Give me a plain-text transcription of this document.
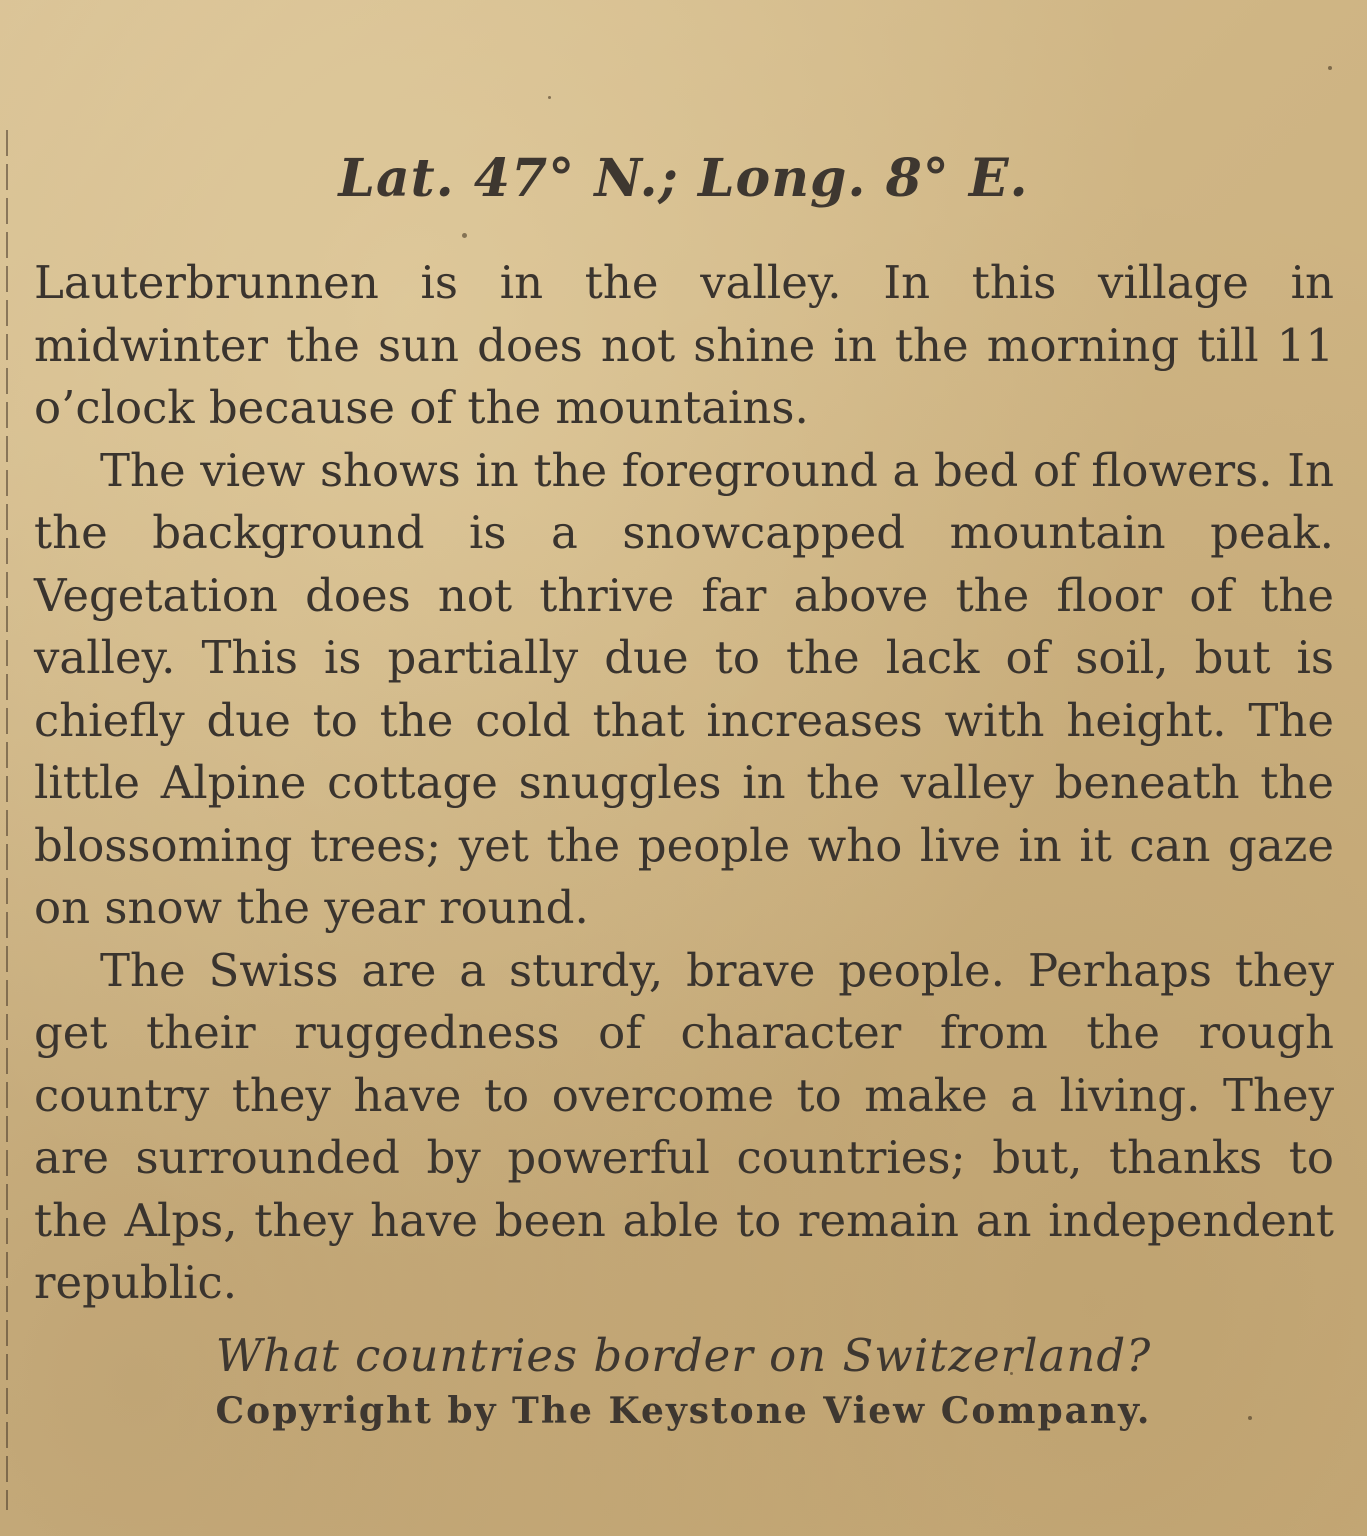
Lat. 47° N.; Long. 8° E.

Lauterbrunnen is in the valley. In this village in midwinter the sun does not shine in the morning till 11 o’clock because of the mountains.

The view shows in the foreground a bed of flowers. In the background is a snowcapped mountain peak. Vegetation does not thrive far above the floor of the valley. This is partially due to the lack of soil, but is chiefly due to the cold that increases with height. The little Alpine cottage snuggles in the valley beneath the blossoming trees; yet the people who live in it can gaze on snow the year round.

The Swiss are a sturdy, brave people. Perhaps they get their ruggedness of character from the rough country they have to overcome to make a living. They are surrounded by powerful countries; but, thanks to the Alps, they have been able to remain an independent republic.

What countries border on Switzerland?

Copyright by The Keystone View Company.
